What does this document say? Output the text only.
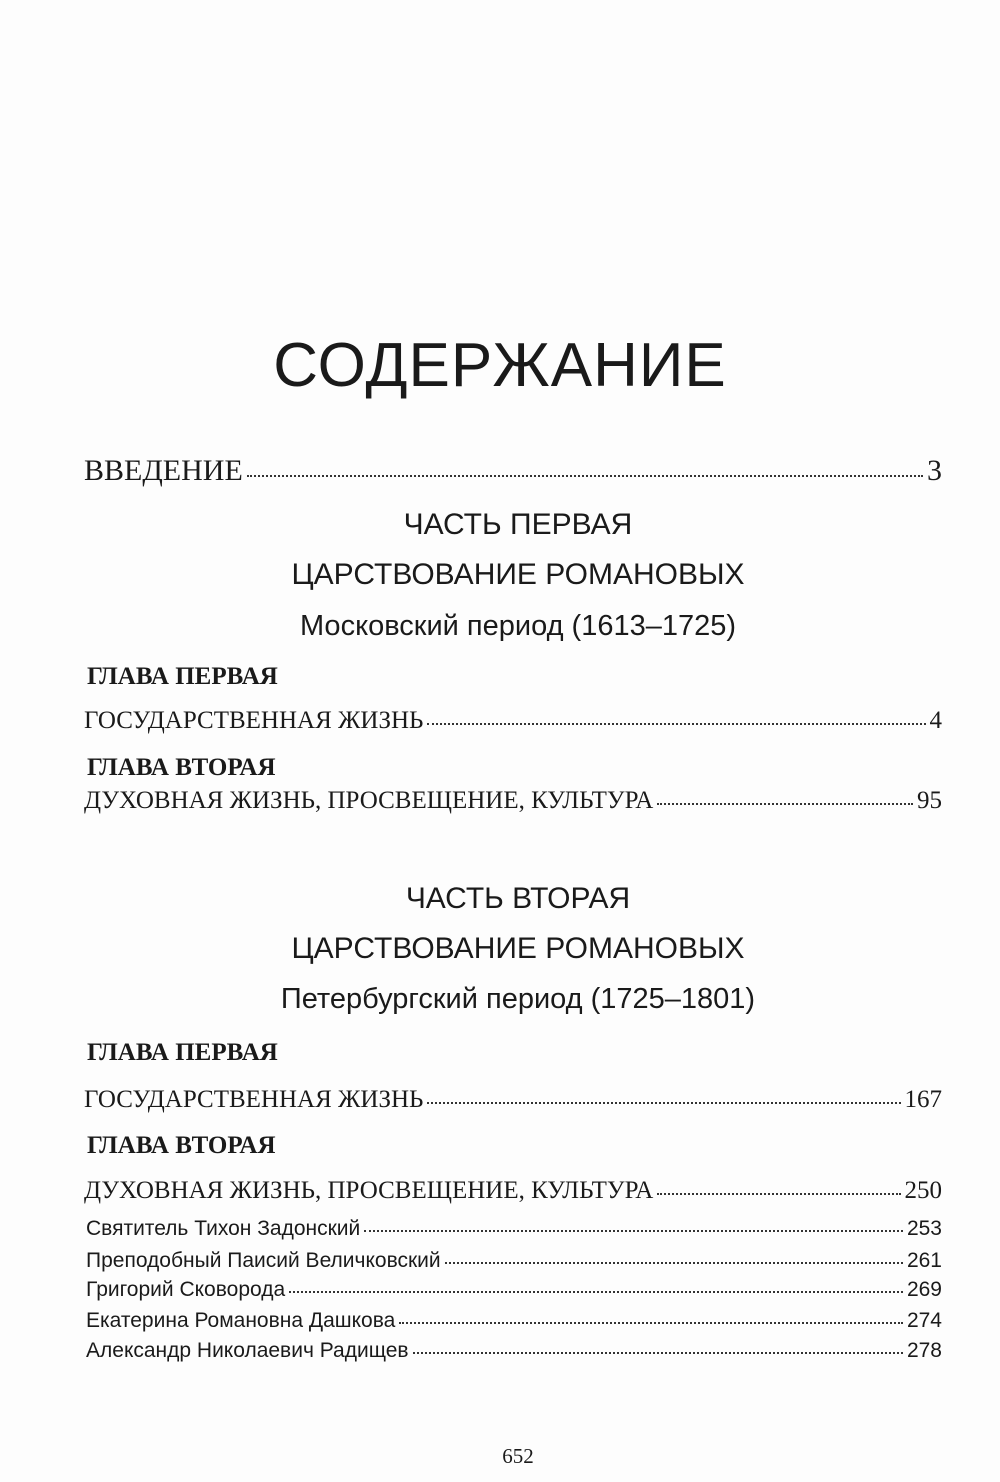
СОДЕРЖАНИЕ
ВВЕДЕНИЕ	3
ЧАСТЬ ПЕРВАЯ
ЦАРСТВОВАНИЕ РОМАНОВЫХ
Московский период (1613–1725)
ГЛАВА ПЕРВАЯ
ГОСУДАРСТВЕННАЯ ЖИЗНЬ	4
ГЛАВА ВТОРАЯ
ДУХОВНАЯ ЖИЗНЬ, ПРОСВЕЩЕНИЕ, КУЛЬТУРА	95
ЧАСТЬ ВТОРАЯ
ЦАРСТВОВАНИЕ РОМАНОВЫХ
Петербургский период (1725–1801)
ГЛАВА ПЕРВАЯ
ГОСУДАРСТВЕННАЯ ЖИЗНЬ	167
ГЛАВА ВТОРАЯ
ДУХОВНАЯ ЖИЗНЬ, ПРОСВЕЩЕНИЕ, КУЛЬТУРА	250
Святитель Тихон Задонский	253
Преподобный Паисий Величковский	261
Григорий Сковорода	269
Екатерина Романовна Дашкова	274
Александр Николаевич Радищев	278
652
